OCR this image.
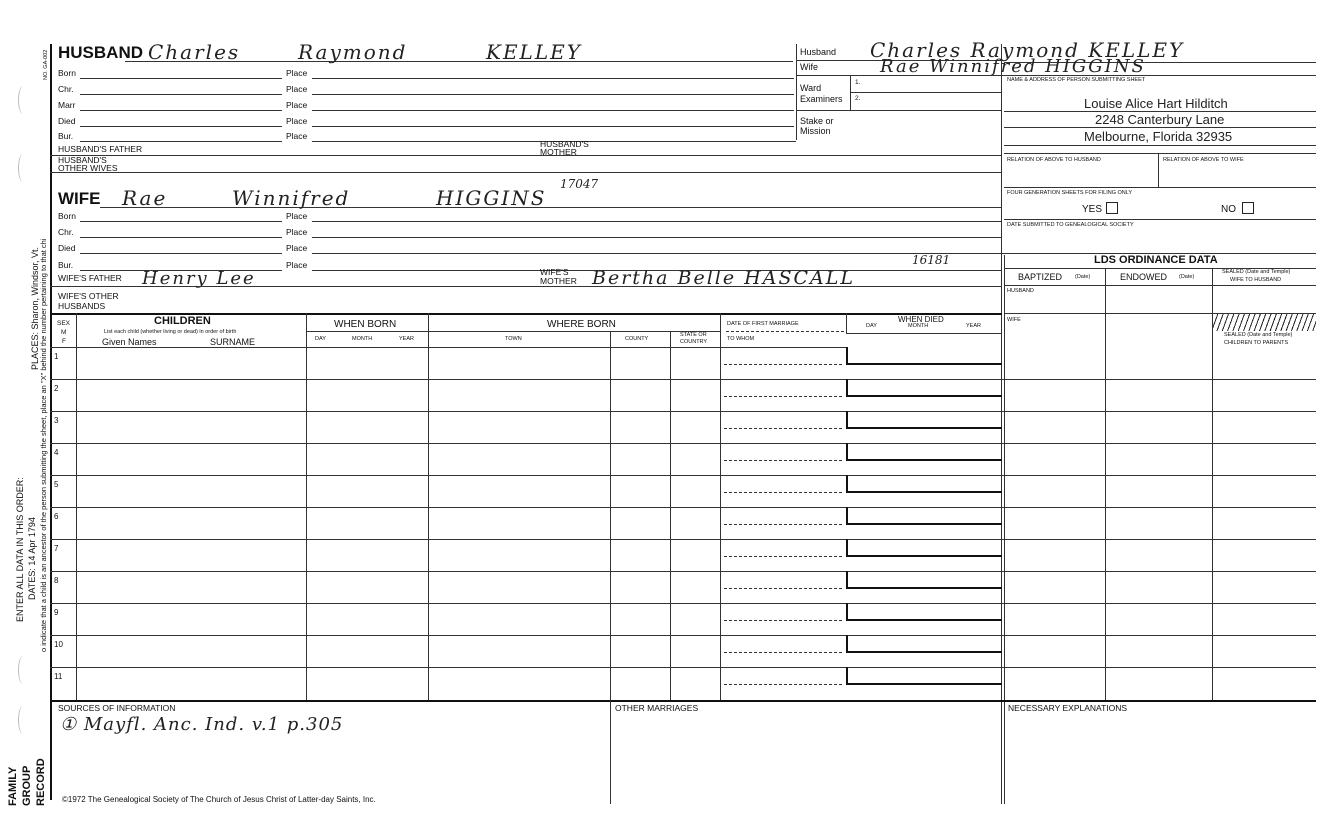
PLACES: Sharon, Windsor, Vt.
ENTER ALL DATA IN THIS ORDER: DATES: 14 Apr 1794 o indicate that a child is an ancestor of the person submitting the sheet, place an "X" behind the number pertaining to that chi
NO. GA-002
FAMILY GROUP RECORD
HUSBAND Charles	Raymond	KELLEY
Born	Place
Chr.	Place
Marr	Place
Died	Place
Bur.	Place
HUSBAND'S FATHER	HUSBAND'S
MOTHER
HUSBAND'S
OTHER WIVES
Husband Charles Raymond KELLEY
Wife	Rae Winnifred HIGGINS
Ward
1.
Examiners 2.
Stake or
Mission
NAME & ADDRESS OF PERSON SUBMITTING SHEET
Louise Alice Hart Hilditch
2248 Canterbury Lane
Melbourne, Florida 32935
RELATION OF ABOVE TO HUSBAND	RELATION OF ABOVE TO WIFE
FOUR GENERATION SHEETS FOR FILING ONLY
YES	NO
DATE SUBMITTED TO GENEALOGICAL SOCIETY
WIFE Rae	Winnifred	HIGGINS
17047
Born	Place
Chr.	Place
Died	Place
Bur.	Place
WIFE'S FATHER Henry Lee	WIFE'S
MOTHER Bertha Belle HASCALL
16181
WIFE'S OTHER
HUSBANDS
LDS ORDINANCE DATA
BAPTIZED (Date)	ENDOWED (Date)
SEALED (Date and Temple)
WIFE TO HUSBAND
HUSBAND
WIFE
SEALED (Date and Temple)
CHILDREN TO PARENTS
SEX
M
F
CHILDREN
List each child (whether living or dead) in order of birth
Given Names	SURNAME
WHEN BORN
DAY	MONTH	YEAR
WHERE BORN
TOWN	COUNTY
STATE OR
COUNTRY
DATE OF FIRST MARRIAGE
TO WHOM
WHEN DIED
DAY	MONTH	YEAR
1
2
3
4
5
6
7
8
9
10
11
SOURCES OF INFORMATION
① Mayfl. Anc. Ind. v.1 p.305
OTHER MARRIAGES	NECESSARY EXPLANATIONS
©1972 The Genealogical Society of The Church of Jesus Christ of Latter-day Saints, Inc.
